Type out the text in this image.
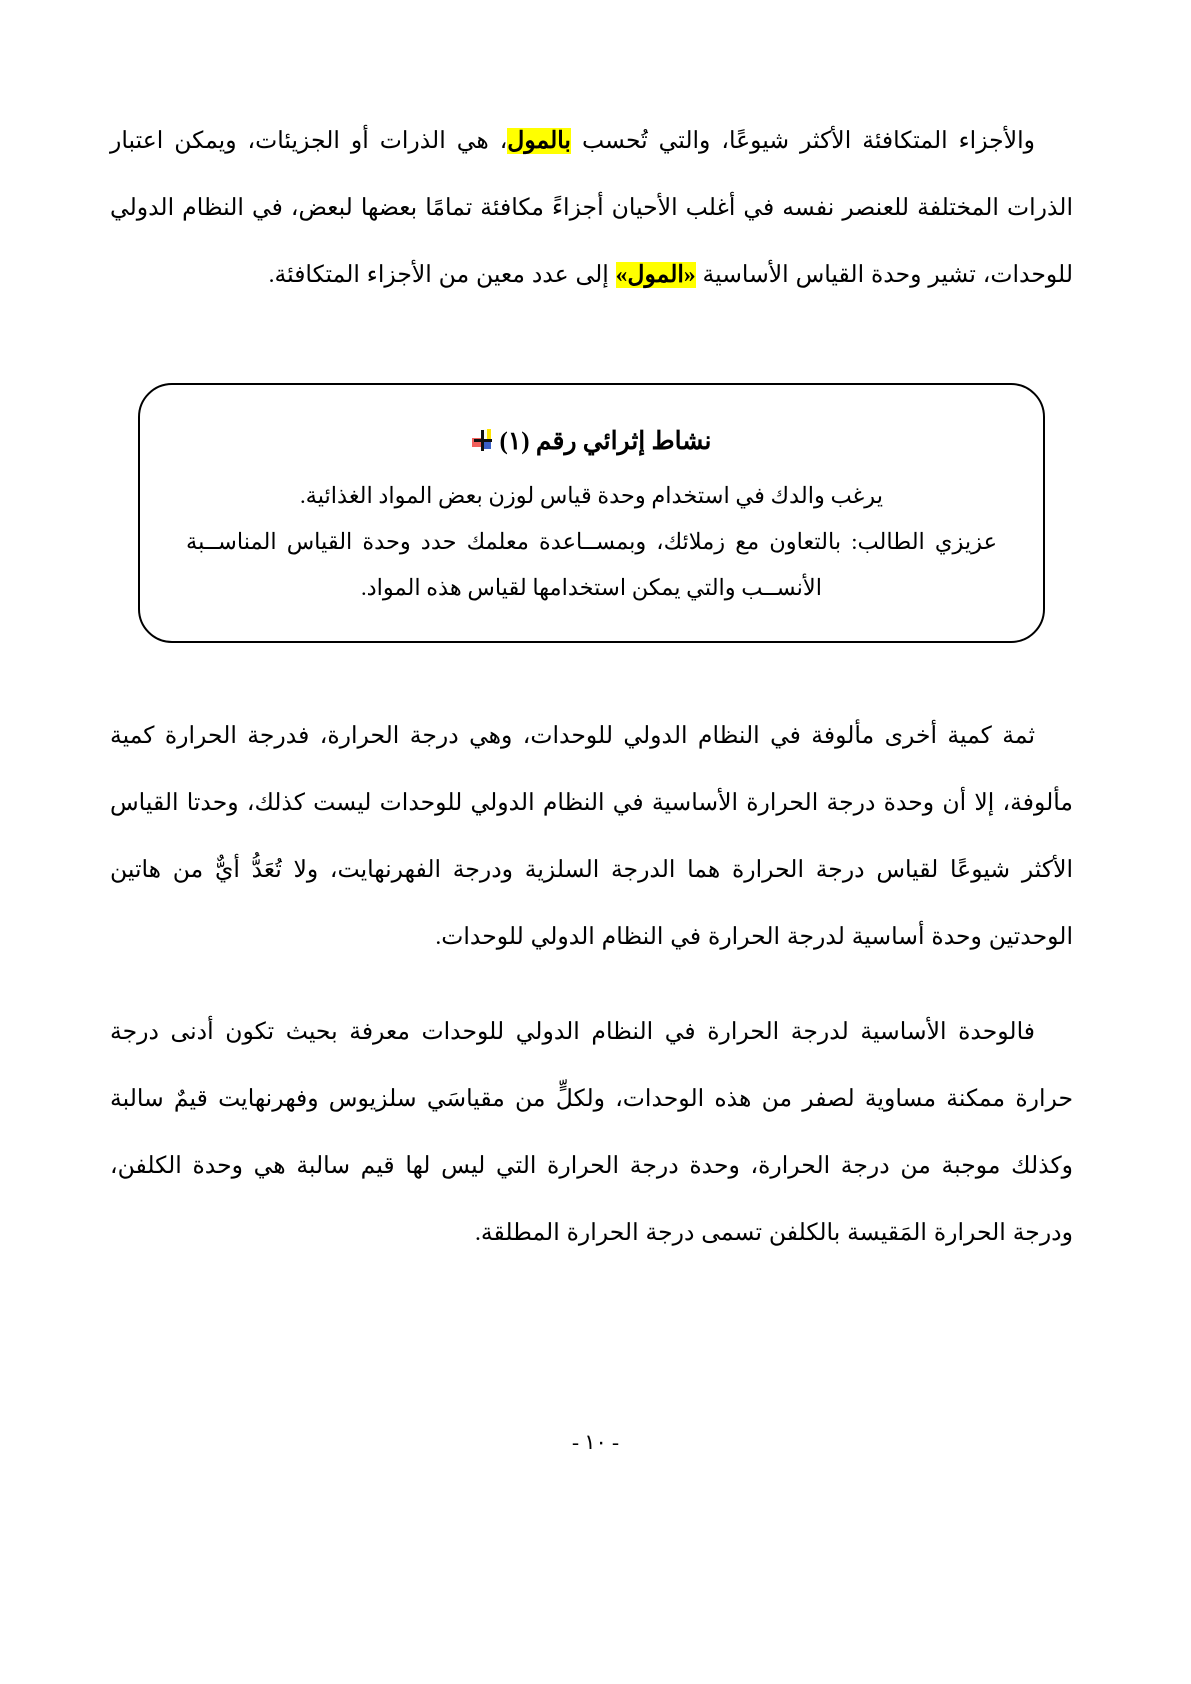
والأجزاء المتكافئة الأكثر شيوعًا، والتي تُحسب بالمول، هي الذرات أو الجزيئات، ويمكن اعتبار الذرات المختلفة للعنصر نفسه في أغلب الأحيان أجزاءً مكافئة تمامًا بعضها لبعض، في النظام الدولي للوحدات، تشير وحدة القياس الأساسية «المول» إلى عدد معين من الأجزاء المتكافئة.

نشاط إثرائي رقم (١)

يرغب والدك في استخدام وحدة قياس لوزن بعض المواد الغذائية.

عزيزي الطالب: بالتعاون مع زملائك، وبمســاعدة معلمك حدد وحدة القياس المناســبة الأنســب والتي يمكن استخدامها لقياس هذه المواد.

ثمة كمية أخرى مألوفة في النظام الدولي للوحدات، وهي درجة الحرارة، فدرجة الحرارة كمية مألوفة، إلا أن وحدة درجة الحرارة الأساسية في النظام الدولي للوحدات ليست كذلك، وحدتا القياس الأكثر شيوعًا لقياس درجة الحرارة هما الدرجة السلزية ودرجة الفهرنهايت، ولا تُعَدُّ أيٌّ من هاتين الوحدتين وحدة أساسية لدرجة الحرارة في النظام الدولي للوحدات.

فالوحدة الأساسية لدرجة الحرارة في النظام الدولي للوحدات معرفة بحيث تكون أدنى درجة حرارة ممكنة مساوية لصفر من هذه الوحدات، ولكلٍّ من مقياسَي سلزيوس وفهرنهايت قيمٌ سالبة وكذلك موجبة من درجة الحرارة، وحدة درجة الحرارة التي ليس لها قيم سالبة هي وحدة الكلفن، ودرجة الحرارة المَقيسة بالكلفن تسمى درجة الحرارة المطلقة.

- ١٠ -
